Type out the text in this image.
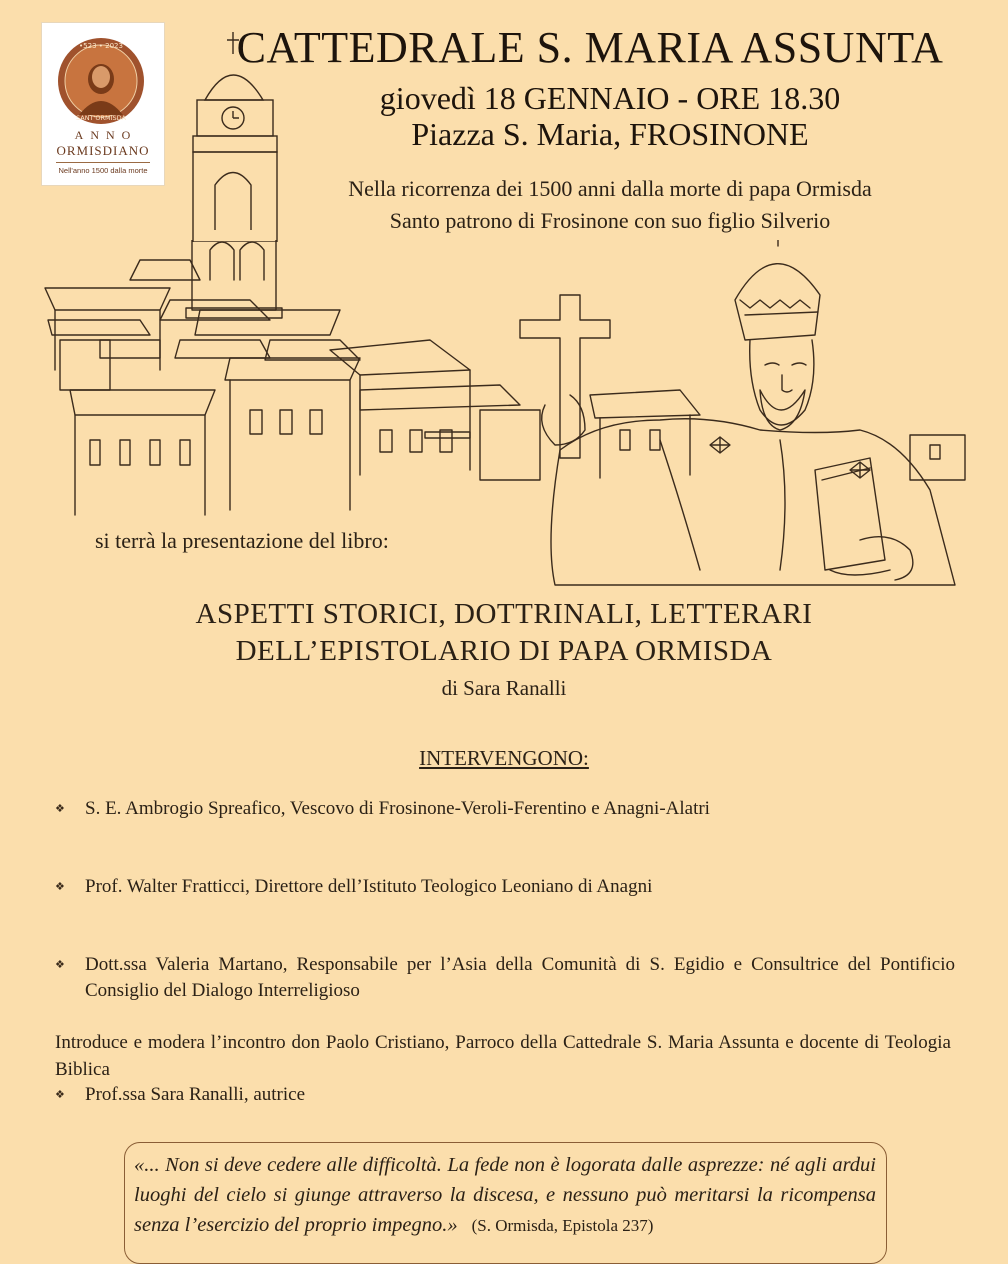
•523 • 2023
SANT'ORMISDA
ANNO
ORMISDIANO
Nell'anno 1500 dalla morte
CATTEDRALE S. MARIA ASSUNTA
giovedì 18 GENNAIO - ORE 18.30
Piazza S. Maria, FROSINONE
Nella ricorrenza dei 1500 anni dalla morte di papa Ormisda
Santo patrono di Frosinone con suo figlio Silverio
si terrà la presentazione del libro:
ASPETTI STORICI, DOTTRINALI, LETTERARI
DELL’EPISTOLARIO DI PAPA ORMISDA
di Sara Ranalli
INTERVENGONO:
❖ S. E. Ambrogio Spreafico, Vescovo di Frosinone-Veroli-Ferentino e Anagni-Alatri
❖ Prof. Walter Fratticci, Direttore dell’Istituto Teologico Leoniano di Anagni
❖ Dott.ssa Valeria Martano, Responsabile per l’Asia della Comunità di S. Egidio e Consultrice del Pontificio Consiglio del Dialogo Interreligioso
❖ Prof.ssa Sara Ranalli, autrice
Introduce e modera l’incontro don Paolo Cristiano, Parroco della Cattedrale S. Maria Assunta e docente di Teologia Biblica
«... Non si deve cedere alle difficoltà. La fede non è logorata dalle asprezze: né agli ardui luoghi del cielo si giunge attraverso la discesa, e nessuno può meritarsi la ricompensa senza l’esercizio del proprio impegno.» (S. Ormisda, Epistola 237)
